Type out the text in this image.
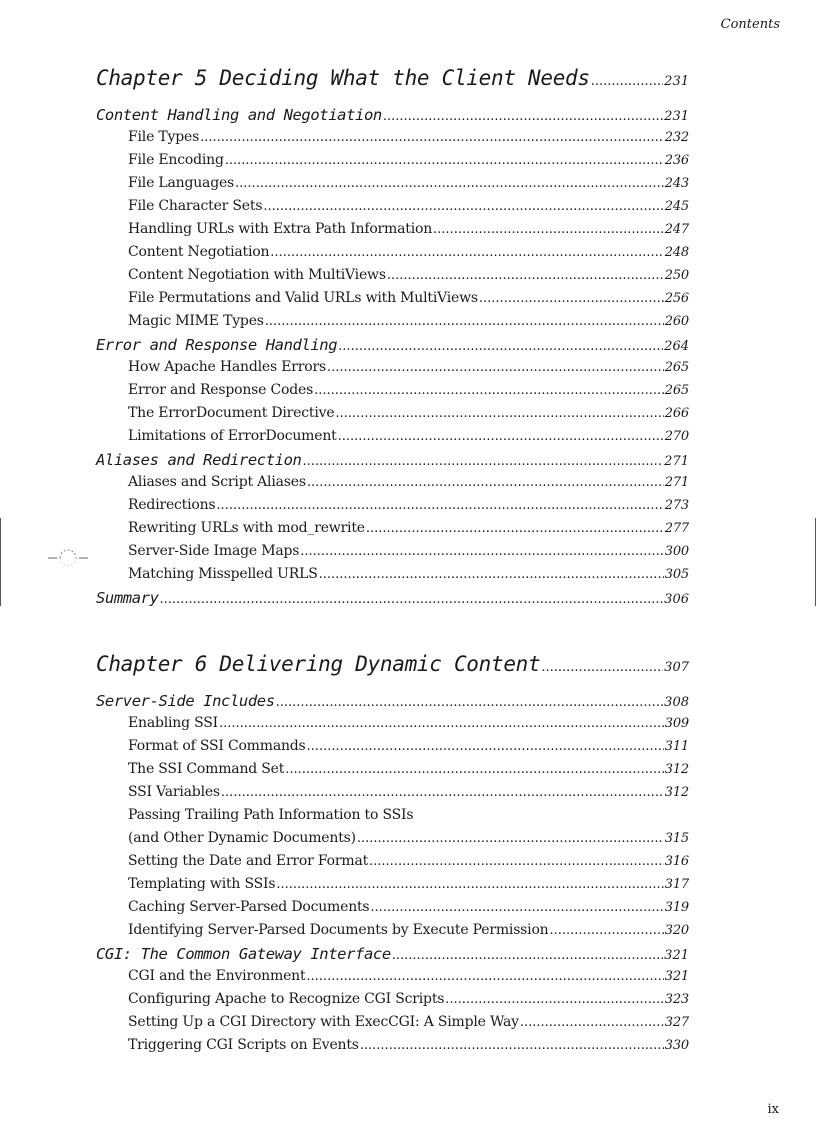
Contents
Chapter 5 Deciding What the Client Needs .....	231
Content Handling and Negotiation .....	231
File Types .....	232
File Encoding .....	236
File Languages .....	243
File Character Sets .....	245
Handling URLs with Extra Path Information .....	247
Content Negotiation .....	248
Content Negotiation with MultiViews .....	250
File Permutations and Valid URLs with MultiViews .....	256
Magic MIME Types .....	260
Error and Response Handling .....	264
How Apache Handles Errors .....	265
Error and Response Codes .....	265
The ErrorDocument Directive .....	266
Limitations of ErrorDocument .....	270
Aliases and Redirection .....	271
Aliases and Script Aliases .....	271
Redirections .....	273
Rewriting URLs with mod_rewrite .....	277
Server-Side Image Maps .....	300
Matching Misspelled URLS .....	305
Summary .....	306
Chapter 6 Delivering Dynamic Content .....	307
Server-Side Includes .....	308
Enabling SSI .....	309
Format of SSI Commands .....	311
The SSI Command Set .....	312
SSI Variables .....	312
Passing Trailing Path Information to SSIs
(and Other Dynamic Documents) .....	315
Setting the Date and Error Format .....	316
Templating with SSIs .....	317
Caching Server-Parsed Documents .....	319
Identifying Server-Parsed Documents by Execute Permission .....	320
CGI: The Common Gateway Interface .....	321
CGI and the Environment .....	321
Configuring Apache to Recognize CGI Scripts .....	323
Setting Up a CGI Directory with ExecCGI: A Simple Way .....	327
Triggering CGI Scripts on Events .....	330
ix
